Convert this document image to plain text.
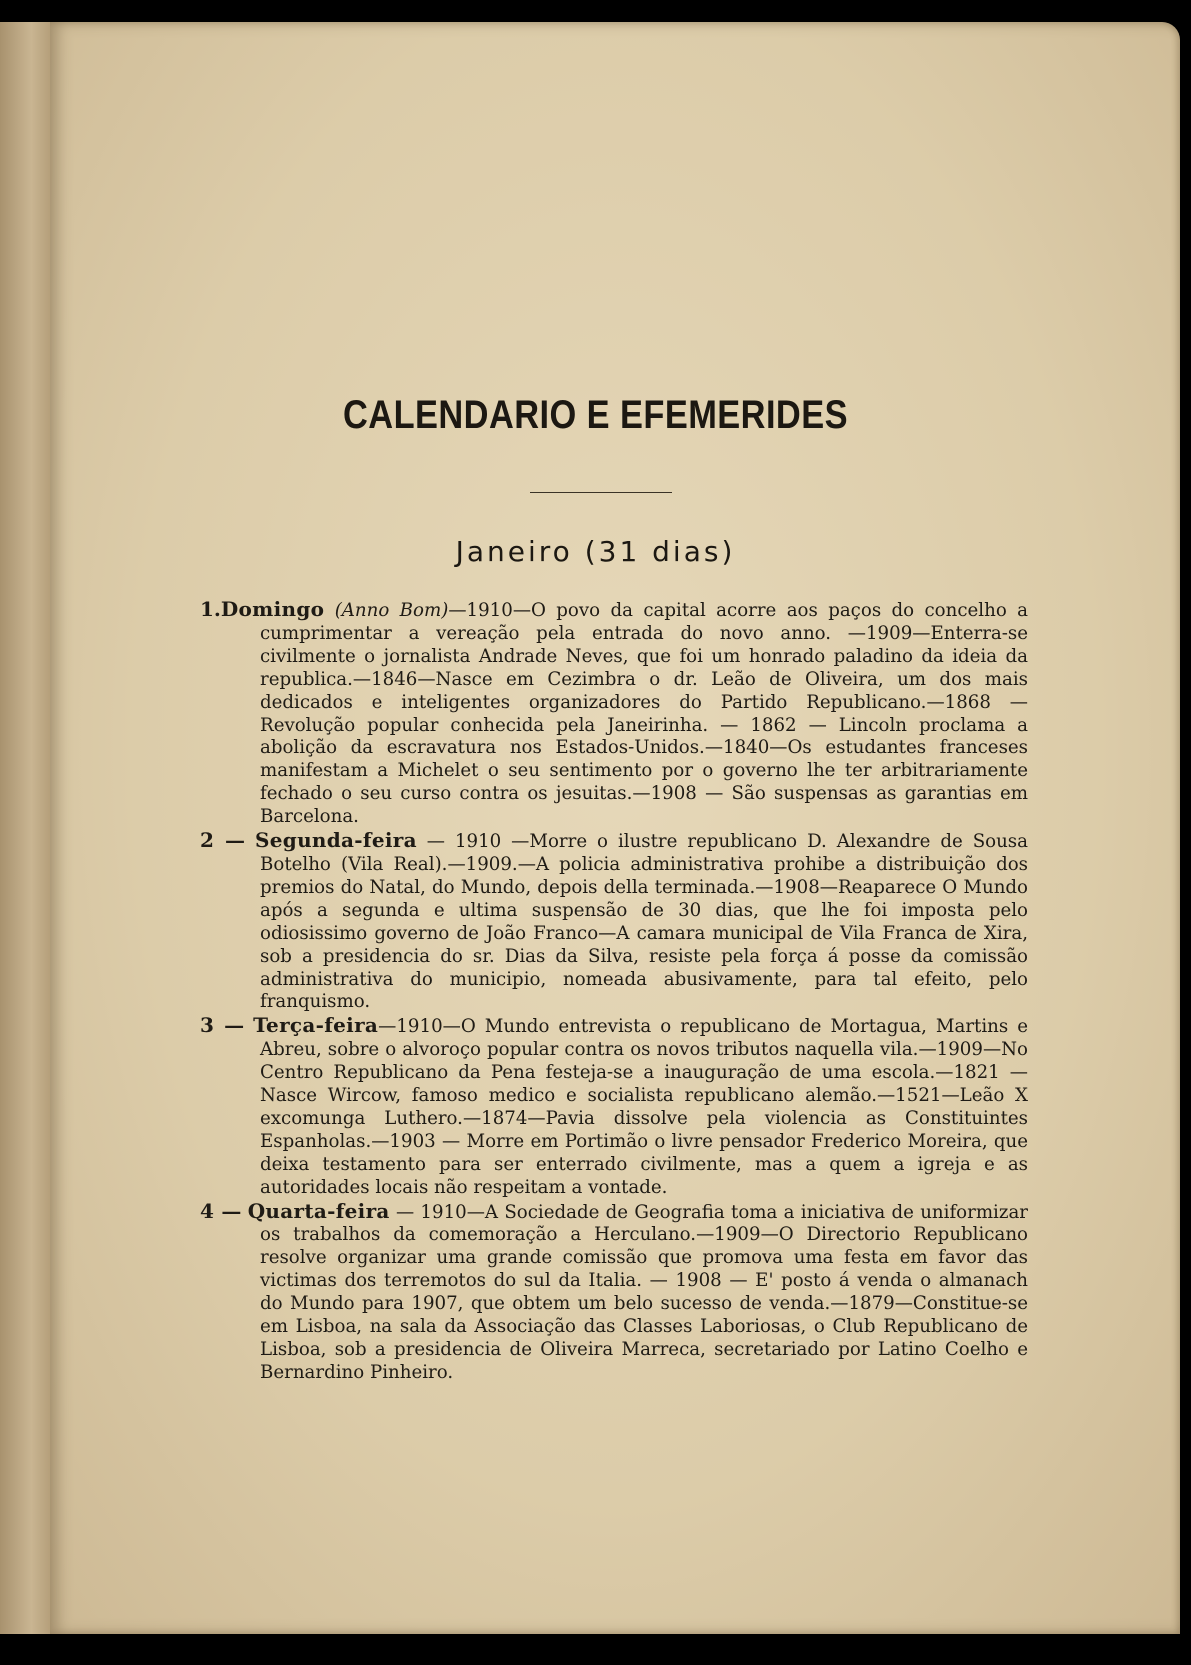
CALENDARIO E EFEMERIDES
Janeiro (31 dias)

1.Domingo (Anno Bom)—1910—O povo da capital acorre aos paços do concelho a cumprimentar a vereação pela entrada do novo anno. —1909—Enterra-se civilmente o jornalista Andrade Neves, que foi um honrado paladino da ideia da republica.—1846—Nasce em Cezimbra o dr. Leão de Oliveira, um dos mais dedicados e inteligentes organizadores do Partido Republicano.—1868 —Revolução popular conhecida pela Janeirinha. — 1862 — Lincoln proclama a abolição da escravatura nos Estados-Unidos.—1840—Os estudantes franceses manifestam a Michelet o seu sentimento por o governo lhe ter arbitrariamente fechado o seu curso contra os jesuitas.—1908 — São suspensas as garantias em Barcelona.

2 — Segunda-feira — 1910 —Morre o ilustre republicano D. Alexandre de Sousa Botelho (Vila Real).—1909.—A policia administrativa prohibe a distribuição dos premios do Natal, do Mundo, depois della terminada.—1908—Reaparece O Mundo após a segunda e ultima suspensão de 30 dias, que lhe foi imposta pelo odiosissimo governo de João Franco—A camara municipal de Vila Franca de Xira, sob a presidencia do sr. Dias da Silva, resiste pela força á posse da comissão administrativa do municipio, nomeada abusivamente, para tal efeito, pelo franquismo.

3 — Terça-feira—1910—O Mundo entrevista o republicano de Mortagua, Martins e Abreu, sobre o alvoroço popular contra os novos tributos naquella vila.—1909—No Centro Republicano da Pena festeja-se a inauguração de uma escola.—1821 — Nasce Wircow, famoso medico e socialista republicano alemão.—1521—Leão X excomunga Luthero.—1874—Pavia dissolve pela violencia as Constituintes Espanholas.—1903 — Morre em Portimão o livre pensador Frederico Moreira, que deixa testamento para ser enterrado civilmente, mas a quem a igreja e as autoridades locais não respeitam a vontade.

4 — Quarta-feira — 1910—A Sociedade de Geografia toma a iniciativa de uniformizar os trabalhos da comemoração a Herculano.—1909—O Directorio Republicano resolve organizar uma grande comissão que promova uma festa em favor das victimas dos terremotos do sul da Italia. — 1908 — E' posto á venda o almanach do Mundo para 1907, que obtem um belo sucesso de venda.—1879—Constitue-se em Lisboa, na sala da Associação das Classes Laboriosas, o Club Republicano de Lisboa, sob a presidencia de Oliveira Marreca, secretariado por Latino Coelho e Bernardino Pinheiro.
